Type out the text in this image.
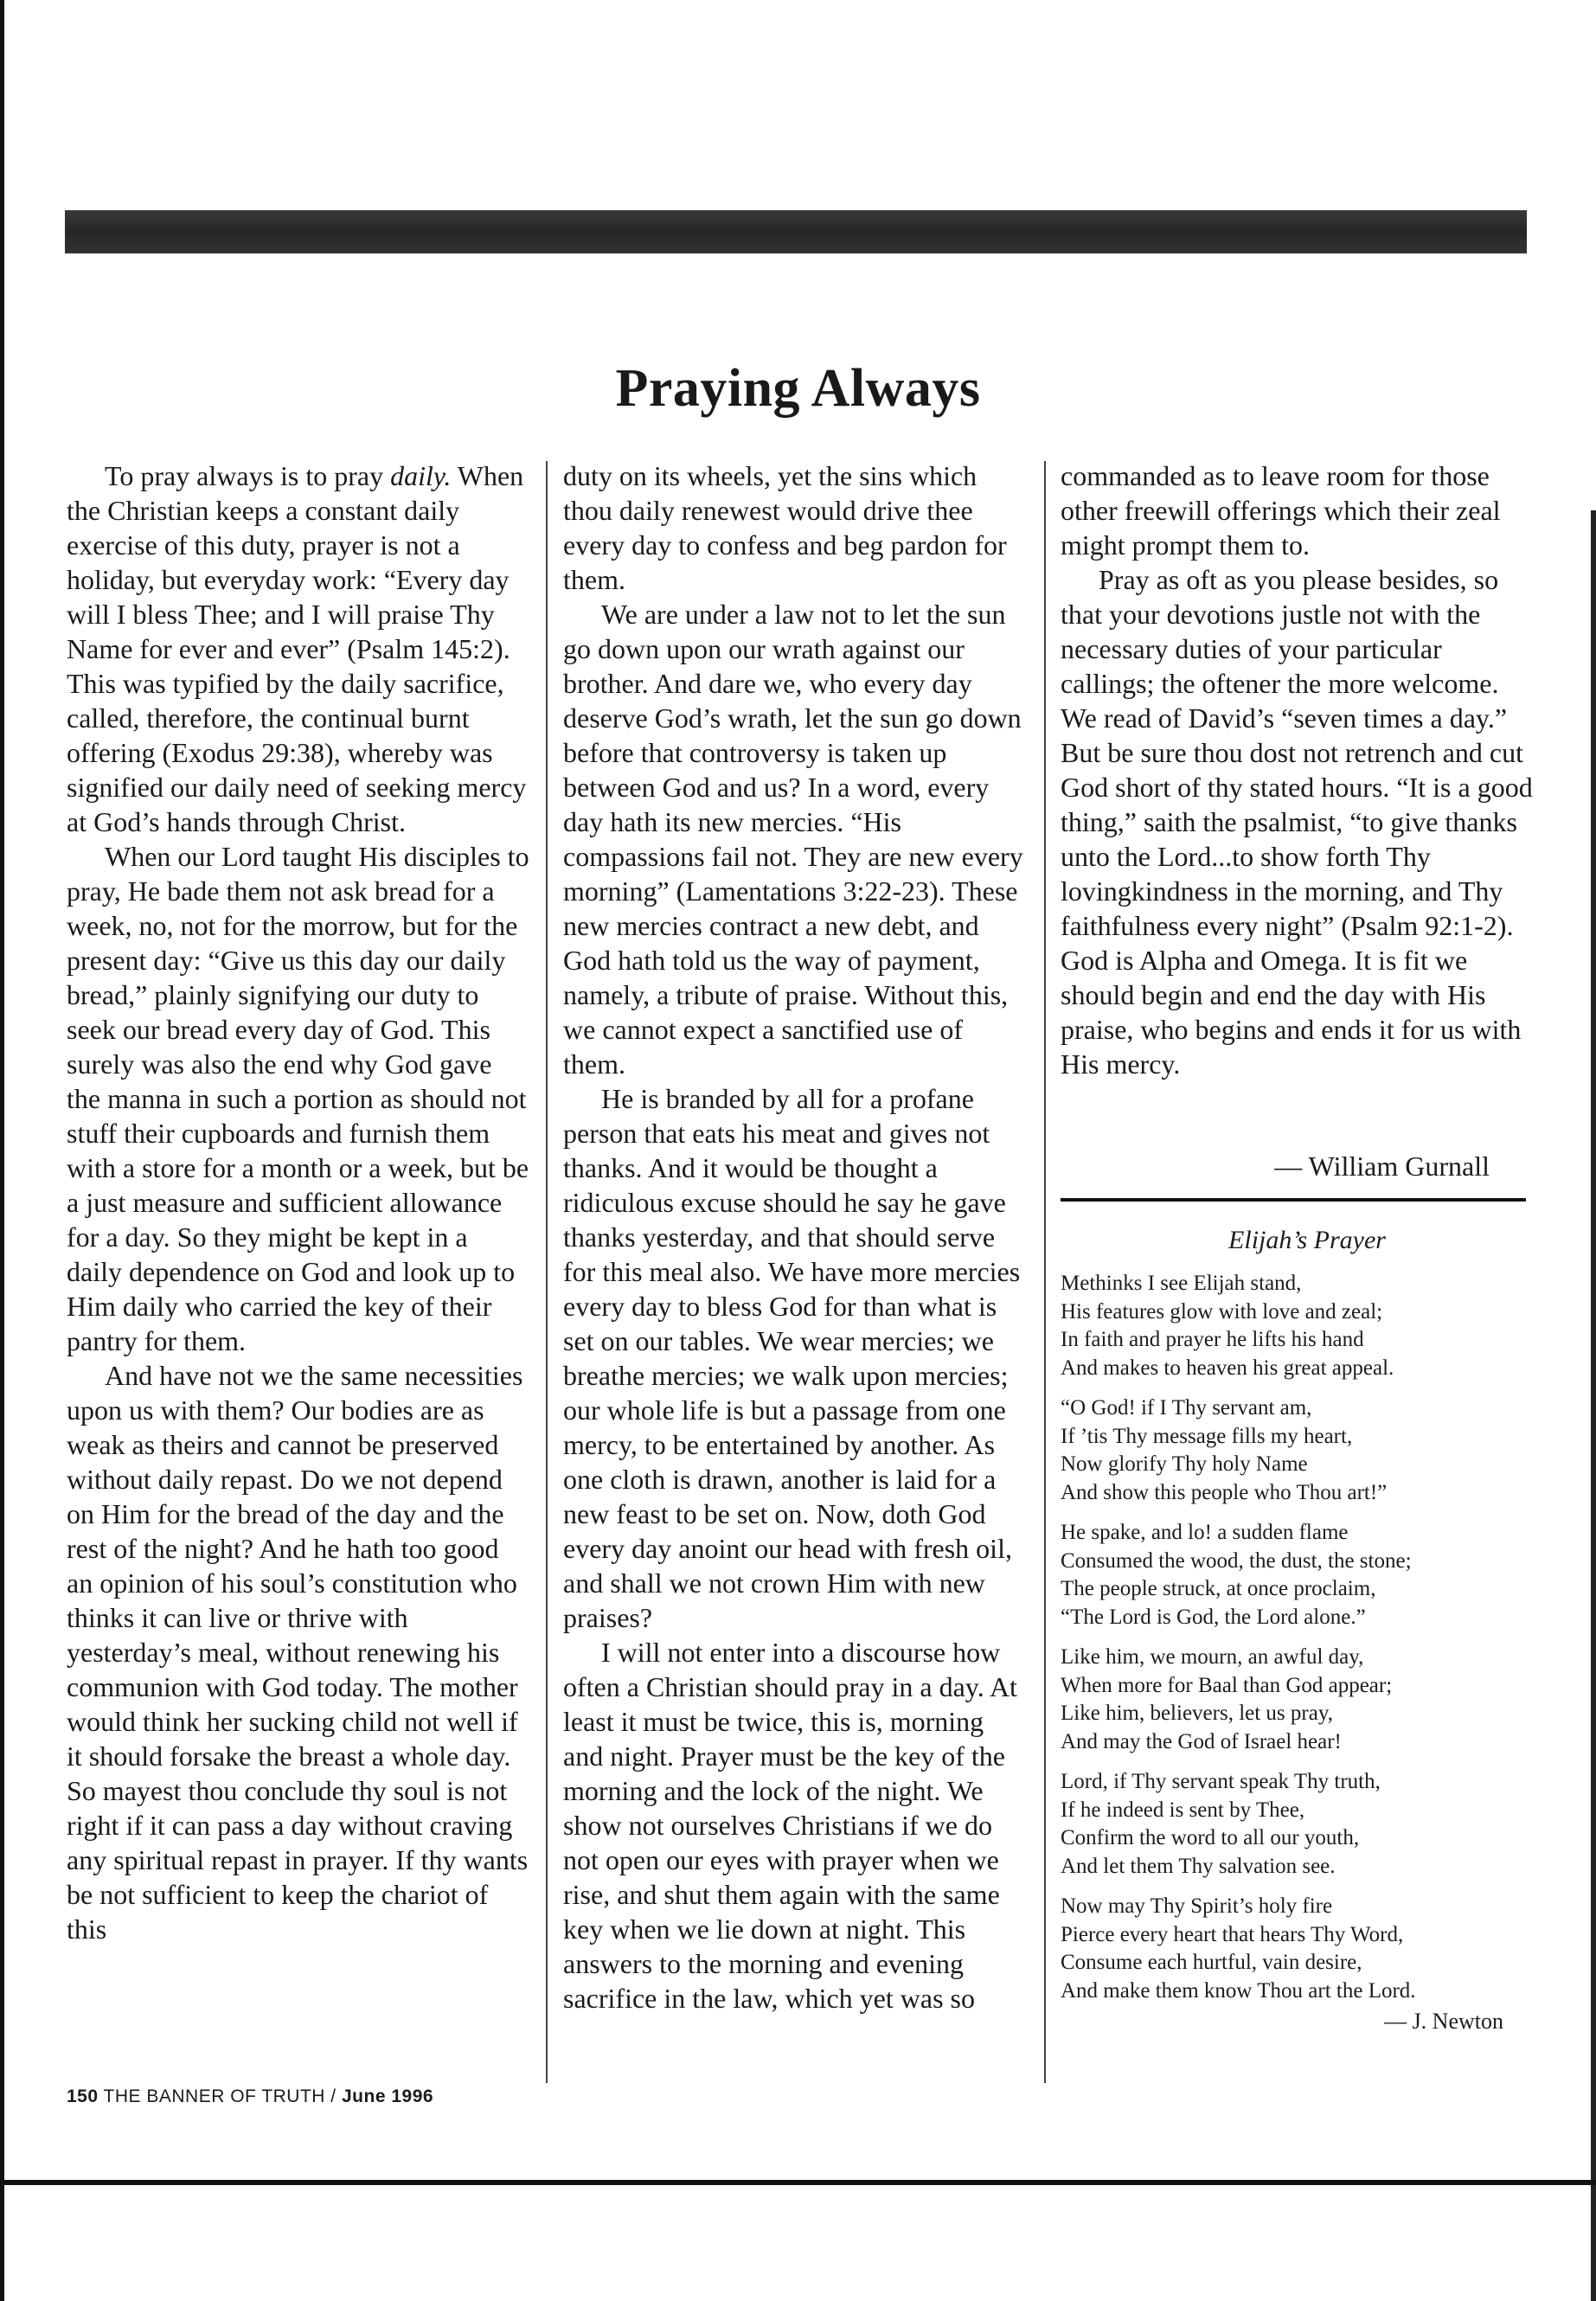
Praying Always

To pray always is to pray daily. When the Christian keeps a constant daily exercise of this duty, prayer is not a holiday, but everyday work: “Every day will I bless Thee; and I will praise Thy Name for ever and ever” (Psalm 145:2). This was typified by the daily sacrifice, called, therefore, the continual burnt offering (Exodus 29:38), whereby was signified our daily need of seeking mercy at God’s hands through Christ.

When our Lord taught His disciples to pray, He bade them not ask bread for a week, no, not for the morrow, but for the present day: “Give us this day our daily bread,” plainly signifying our duty to seek our bread every day of God. This surely was also the end why God gave the manna in such a portion as should not stuff their cupboards and furnish them with a store for a month or a week, but be a just measure and sufficient allowance for a day. So they might be kept in a daily dependence on God and look up to Him daily who carried the key of their pantry for them.

And have not we the same necessities upon us with them? Our bodies are as weak as theirs and cannot be preserved without daily repast. Do we not depend on Him for the bread of the day and the rest of the night? And he hath too good an opinion of his soul’s constitution who thinks it can live or thrive with yesterday’s meal, without renewing his communion with God today. The mother would think her sucking child not well if it should forsake the breast a whole day. So mayest thou conclude thy soul is not right if it can pass a day without craving any spiritual repast in prayer. If thy wants be not sufficient to keep the chariot of this

duty on its wheels, yet the sins which thou daily renewest would drive thee every day to confess and beg pardon for them.

We are under a law not to let the sun go down upon our wrath against our brother. And dare we, who every day deserve God’s wrath, let the sun go down before that controversy is taken up between God and us? In a word, every day hath its new mercies. “His compassions fail not. They are new every morning” (Lamentations 3:22-23). These new mercies contract a new debt, and God hath told us the way of payment, namely, a tribute of praise. Without this, we cannot expect a sanctified use of them.

He is branded by all for a profane person that eats his meat and gives not thanks. And it would be thought a ridiculous excuse should he say he gave thanks yesterday, and that should serve for this meal also. We have more mercies every day to bless God for than what is set on our tables. We wear mercies; we breathe mercies; we walk upon mercies; our whole life is but a passage from one mercy, to be entertained by another. As one cloth is drawn, another is laid for a new feast to be set on. Now, doth God every day anoint our head with fresh oil, and shall we not crown Him with new praises?

I will not enter into a discourse how often a Christian should pray in a day. At least it must be twice, this is, morning and night. Prayer must be the key of the morning and the lock of the night. We show not ourselves Christians if we do not open our eyes with prayer when we rise, and shut them again with the same key when we lie down at night. This answers to the morning and evening sacrifice in the law, which yet was so

commanded as to leave room for those other freewill offerings which their zeal might prompt them to.

Pray as oft as you please besides, so that your devotions justle not with the necessary duties of your particular callings; the oftener the more welcome. We read of David’s “seven times a day.” But be sure thou dost not retrench and cut God short of thy stated hours. “It is a good thing,” saith the psalmist, “to give thanks unto the Lord...to show forth Thy lovingkindness in the morning, and Thy faithfulness every night” (Psalm 92:1-2). God is Alpha and Omega. It is fit we should begin and end the day with His praise, who begins and ends it for us with His mercy.

— William Gurnall
Elijah’s Prayer
Methinks I see Elijah stand,
His features glow with love and zeal;
In faith and prayer he lifts his hand
And makes to heaven his great appeal.
“O God! if I Thy servant am,
If ’tis Thy message fills my heart,
Now glorify Thy holy Name
And show this people who Thou art!”
He spake, and lo! a sudden flame
Consumed the wood, the dust, the stone;
The people struck, at once proclaim,
“The Lord is God, the Lord alone.”
Like him, we mourn, an awful day,
When more for Baal than God appear;
Like him, believers, let us pray,
And may the God of Israel hear!
Lord, if Thy servant speak Thy truth,
If he indeed is sent by Thee,
Confirm the word to all our youth,
And let them Thy salvation see.
Now may Thy Spirit’s holy fire
Pierce every heart that hears Thy Word,
Consume each hurtful, vain desire,
And make them know Thou art the Lord.
— J. Newton
150 THE BANNER OF TRUTH / June 1996
